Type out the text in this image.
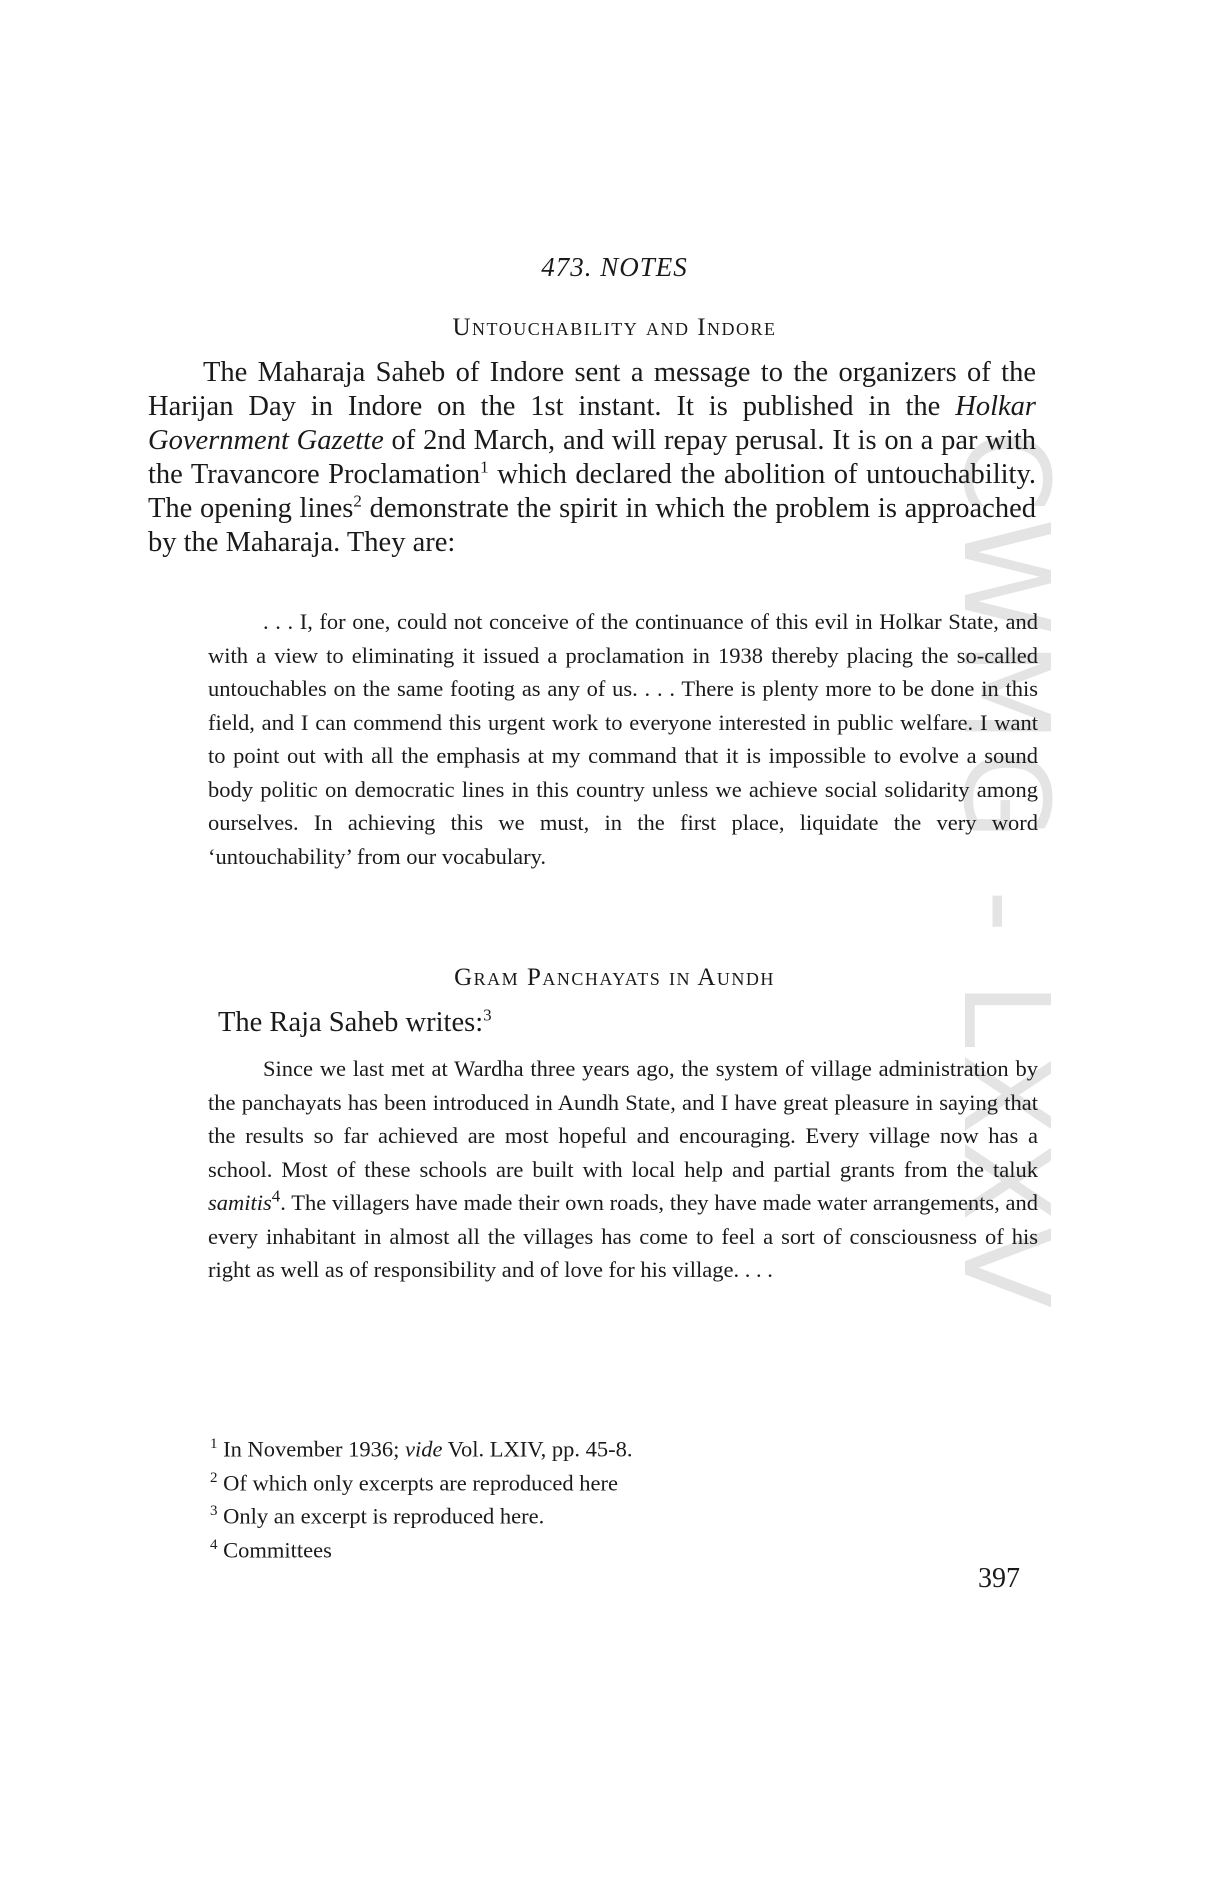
CWMG - LXXV
473. NOTES
Untouchability and Indore
The Maharaja Saheb of Indore sent a message to the organizers of the Harijan Day in Indore on the 1st instant. It is published in the Holkar Government Gazette of 2nd March, and will repay perusal. It is on a par with the Travancore Proclamation$^1$ which declared the abolition of untouchability. The opening lines$^2$ demonstrate the spirit in which the problem is approached by the Maharaja. They are:
. . . I, for one, could not conceive of the continuance of this evil in Holkar State, and with a view to eliminating it issued a proclamation in 1938 thereby placing the so-called untouchables on the same footing as any of us. . . . There is plenty more to be done in this field, and I can commend this urgent work to everyone interested in public welfare. I want to point out with all the emphasis at my command that it is impossible to evolve a sound body politic on democratic lines in this country unless we achieve social solidarity among ourselves. In achieving this we must, in the first place, liquidate the very word ‘untouchability’ from our vocabulary.
Gram Panchayats in Aundh
The Raja Saheb writes:$^3$
Since we last met at Wardha three years ago, the system of village administration by the panchayats has been introduced in Aundh State, and I have great pleasure in saying that the results so far achieved are most hopeful and encouraging. Every village now has a school. Most of these schools are built with local help and partial grants from the taluk samitis$^4$. The villagers have made their own roads, they have made water arrangements, and every inhabitant in almost all the villages has come to feel a sort of consciousness of his right as well as of responsibility and of love for his village. . . .
$^1$ In November 1936; vide Vol. LXIV, pp. 45-8.
$^2$ Of which only excerpts are reproduced here
$^3$ Only an excerpt is reproduced here.
$^4$ Committees
397
